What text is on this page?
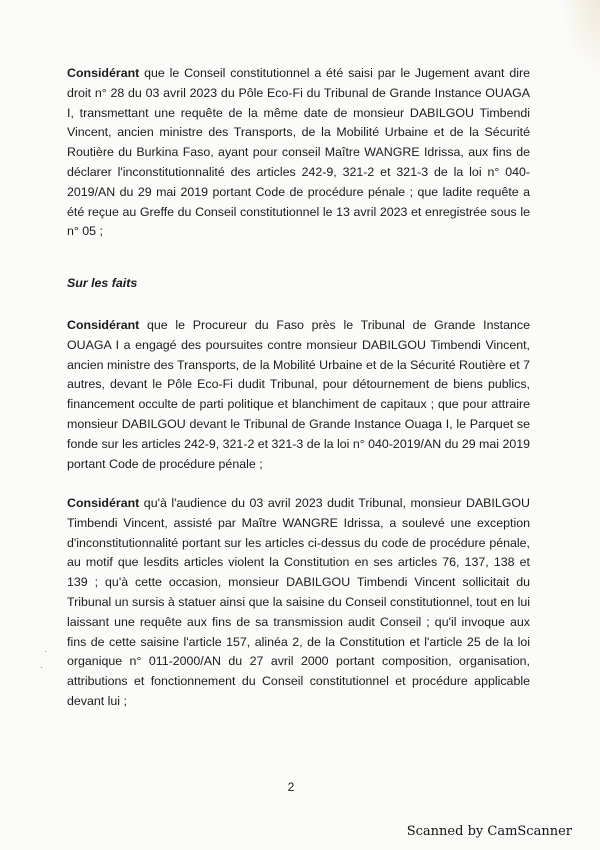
Considérant que le Conseil constitutionnel a été saisi par le Jugement avant dire droit n° 28 du 03 avril 2023 du Pôle Eco-Fi du Tribunal de Grande Instance OUAGA I, transmettant une requête de la même date de monsieur DABILGOU Timbendi Vincent, ancien ministre des Transports, de la Mobilité Urbaine et de la Sécurité Routière du Burkina Faso, ayant pour conseil Maître WANGRE Idrissa, aux fins de déclarer l'inconstitutionnalité des articles 242-9, 321-2 et 321-3 de la loi n° 040-2019/AN du 29 mai 2019 portant Code de procédure pénale ; que ladite requête a été reçue au Greffe du Conseil constitutionnel le 13 avril 2023 et enregistrée sous le n° 05 ;
Sur les faits
Considérant que le Procureur du Faso près le Tribunal de Grande Instance OUAGA I a engagé des poursuites contre monsieur DABILGOU Timbendi Vincent, ancien ministre des Transports, de la Mobilité Urbaine et de la Sécurité Routière et 7 autres, devant le Pôle Eco-Fi dudit Tribunal, pour détournement de biens publics, financement occulte de parti politique et blanchiment de capitaux ; que pour attraire monsieur DABILGOU devant le Tribunal de Grande Instance Ouaga I, le Parquet se fonde sur les articles 242-9, 321-2 et 321-3 de la loi n° 040-2019/AN du 29 mai 2019 portant Code de procédure pénale ;
Considérant qu'à l'audience du 03 avril 2023 dudit Tribunal, monsieur DABILGOU Timbendi Vincent, assisté par Maître WANGRE Idrissa, a soulevé une exception d'inconstitutionnalité portant sur les articles ci-dessus du code de procédure pénale, au motif que lesdits articles violent la Constitution en ses articles 76, 137, 138 et 139 ; qu'à cette occasion, monsieur DABILGOU Timbendi Vincent sollicitait du Tribunal un sursis à statuer ainsi que la saisine du Conseil constitutionnel, tout en lui laissant une requête aux fins de sa transmission audit Conseil ; qu'il invoque aux fins de cette saisine l'article 157, alinéa 2, de la Constitution et l'article 25 de la loi organique n° 011-2000/AN du 27 avril 2000 portant composition, organisation, attributions et fonctionnement du Conseil constitutionnel et procédure applicable devant lui ;
·
·
2
Scanned by CamScanner
